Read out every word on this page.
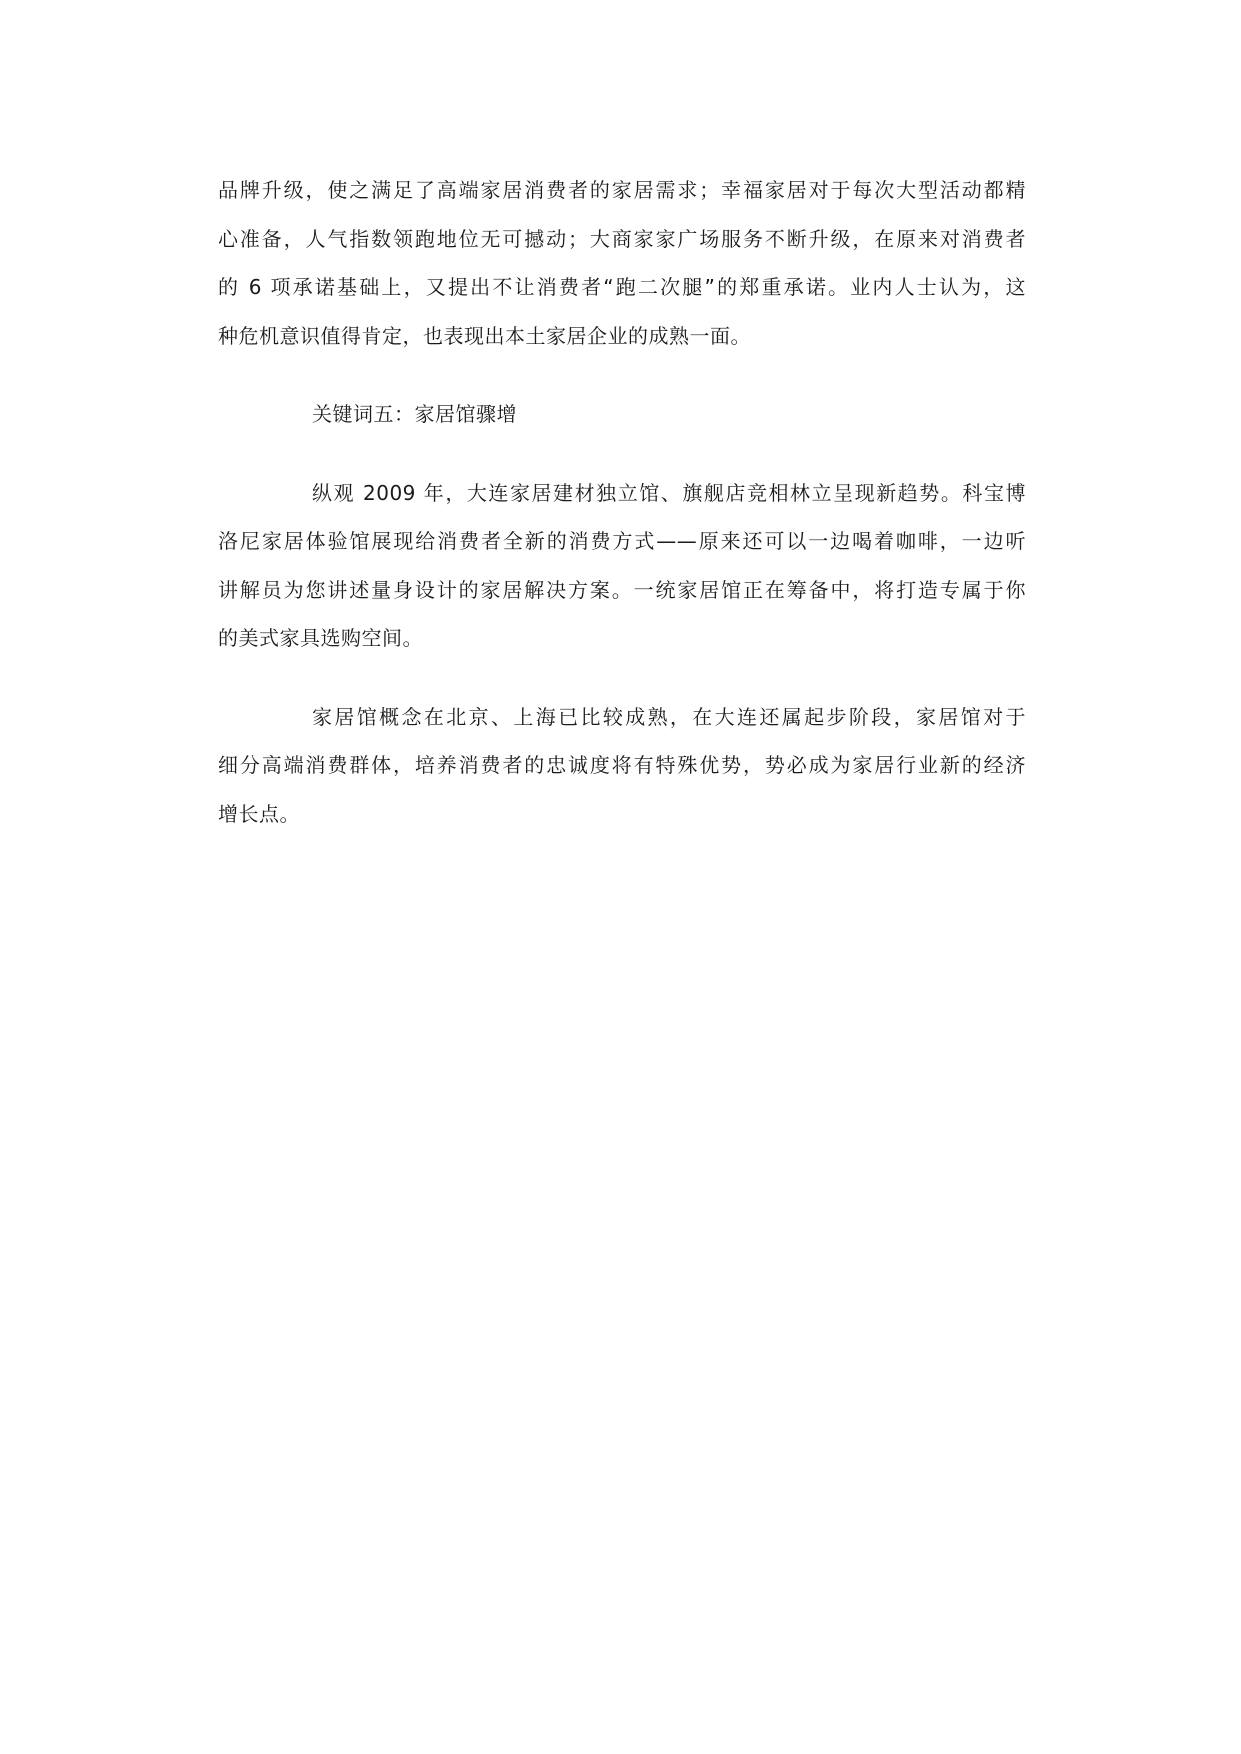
品牌升级，使之满足了高端家居消费者的家居需求；幸福家居对于每次大型活动都精
心准备，人气指数领跑地位无可撼动；大商家家广场服务不断升级，在原来对消费者
的 6 项承诺基础上，又提出不让消费者“跑二次腿”的郑重承诺。业内人士认为，这
种危机意识值得肯定，也表现出本土家居企业的成熟一面。
关键词五：家居馆骤增
纵观 2009 年，大连家居建材独立馆、旗舰店竞相林立呈现新趋势。科宝博
洛尼家居体验馆展现给消费者全新的消费方式——原来还可以一边喝着咖啡，一边听
讲解员为您讲述量身设计的家居解决方案。一统家居馆正在筹备中，将打造专属于你
的美式家具选购空间。
家居馆概念在北京、上海已比较成熟，在大连还属起步阶段，家居馆对于
细分高端消费群体，培养消费者的忠诚度将有特殊优势，势必成为家居行业新的经济
增长点。
